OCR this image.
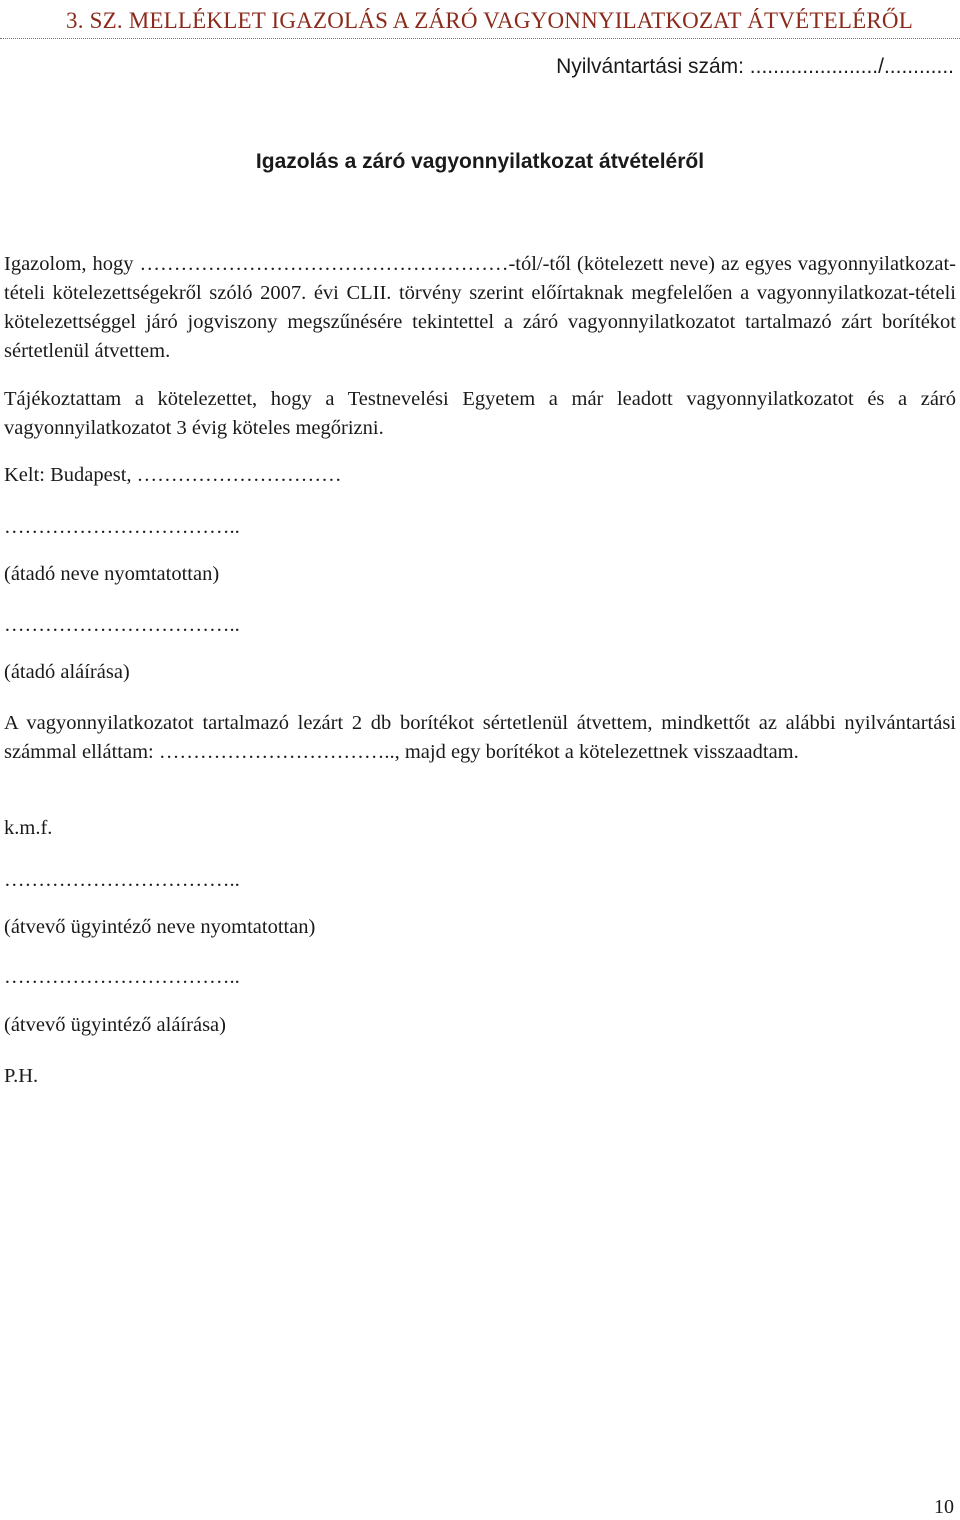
3. SZ. MELLÉKLET IGAZOLÁS A ZÁRÓ VAGYONNYILATKOZAT ÁTVÉTELÉRŐL
Nyilvántartási szám: ....................../............
Igazolás a záró vagyonnyilatkozat átvételéről
Igazolom, hogy ………………………………………………-tól/-től (kötelezett neve) az egyes vagyonnyilatkozat-tételi kötelezettségekről szóló 2007. évi CLII. törvény szerint előírtaknak megfelelően a vagyonnyilatkozat-tételi kötelezettséggel járó jogviszony megszűnésére tekintettel a záró vagyonnyilatkozatot tartalmazó zárt borítékot sértetlenül átvettem.
Tájékoztattam a kötelezettet, hogy a Testnevelési Egyetem a már leadott vagyonnyilatkozatot és a záró vagyonnyilatkozatot 3 évig köteles megőrizni.
Kelt: Budapest, …………………………
……………………………..
(átadó neve nyomtatottan)
……………………………..
(átadó aláírása)
A vagyonnyilatkozatot tartalmazó lezárt 2 db borítékot sértetlenül átvettem, mindkettőt az alábbi nyilvántartási számmal elláttam: …………………………….., majd egy borítékot a kötelezettnek visszaadtam.
k.m.f.
……………………………..
(átvevő ügyintéző neve nyomtatottan)
……………………………..
(átvevő ügyintéző aláírása)
P.H.
10
